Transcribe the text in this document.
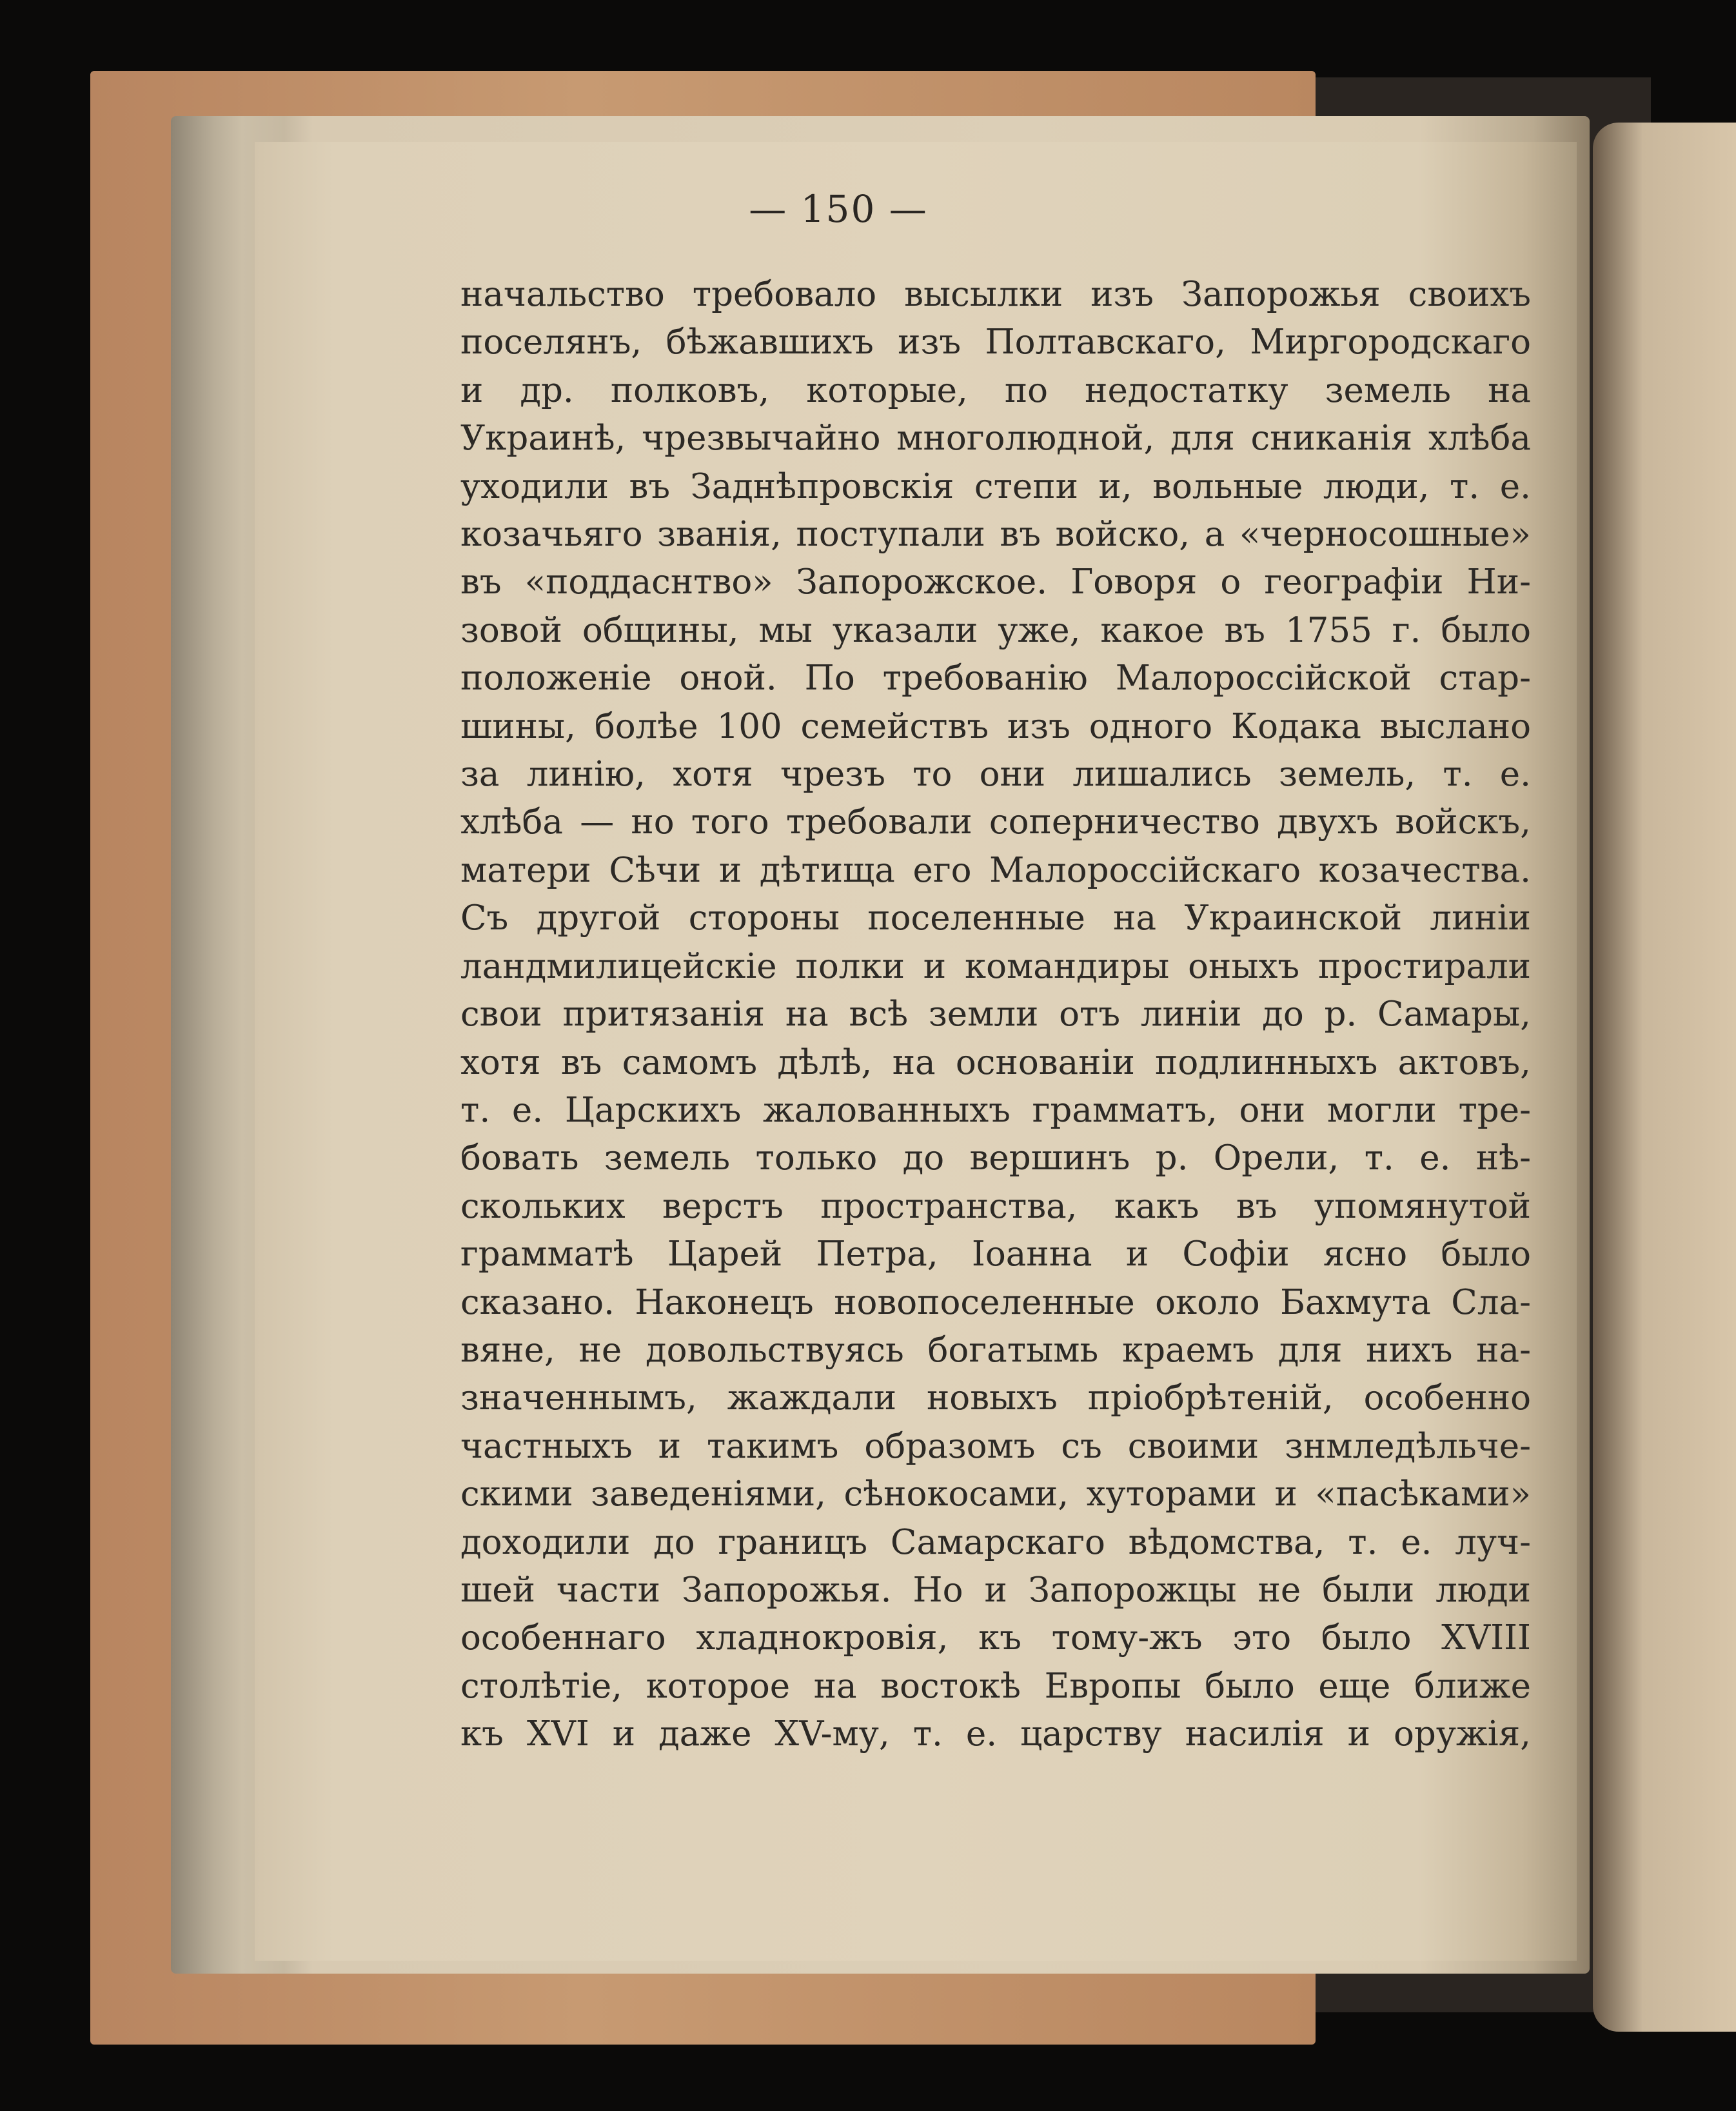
— 150 —
начальство требовало высылки изъ Запорожья своихъ
поселянъ, бѣжавшихъ изъ Полтавскаго, Миргородскаго
и др. полковъ, которые, по недостатку земель на
Украинѣ, чрезвычайно многолюдной, для сниканія хлѣба
уходили въ Заднѣпровскія степи и, вольные люди, т. е.
козачьяго званія, поступали въ войско, а «черносошные»
въ «поддаснтво» Запорожское. Говоря о географіи Ни-
зовой общины, мы указали уже, какое въ 1755 г. было
положеніе оной. По требованію Малороссійской стар-
шины, болѣе 100 семействъ изъ одного Кодака выслано
за линію, хотя чрезъ то они лишались земель, т. е.
хлѣба — но того требовали соперничество двухъ войскъ,
матери Сѣчи и дѣтища его Малороссійскаго козачества.
Съ другой стороны поселенные на Украинской линіи
ландмилицейскіе полки и командиры оныхъ простирали
свои притязанія на всѣ земли отъ линіи до р. Самары,
хотя въ самомъ дѣлѣ, на основаніи подлинныхъ актовъ,
т. е. Царскихъ жалованныхъ грамматъ, они могли тре-
бовать земель только до вершинъ р. Орели, т. е. нѣ-
скольких верстъ пространства, какъ въ упомянутой
грамматѣ Царей Петра, Іоанна и Софіи ясно было
сказано. Наконецъ новопоселенные около Бахмута Сла-
вяне, не довольствуясь богатымь краемъ для нихъ на-
значеннымъ, жаждали новыхъ пріобрѣтеній, особенно
частныхъ и такимъ образомъ съ своими знмледѣльче-
скими заведеніями, сѣнокосами, хуторами и «пасѣками»
доходили до границъ Самарскаго вѣдомства, т. е. луч-
шей части Запорожья. Но и Запорожцы не были люди
особеннаго хладнокровія, къ тому-жъ это было XVIII
столѣтіе, которое на востокѣ Европы было еще ближе
къ XVI и даже XV-му, т. е. царству насилія и оружія,
